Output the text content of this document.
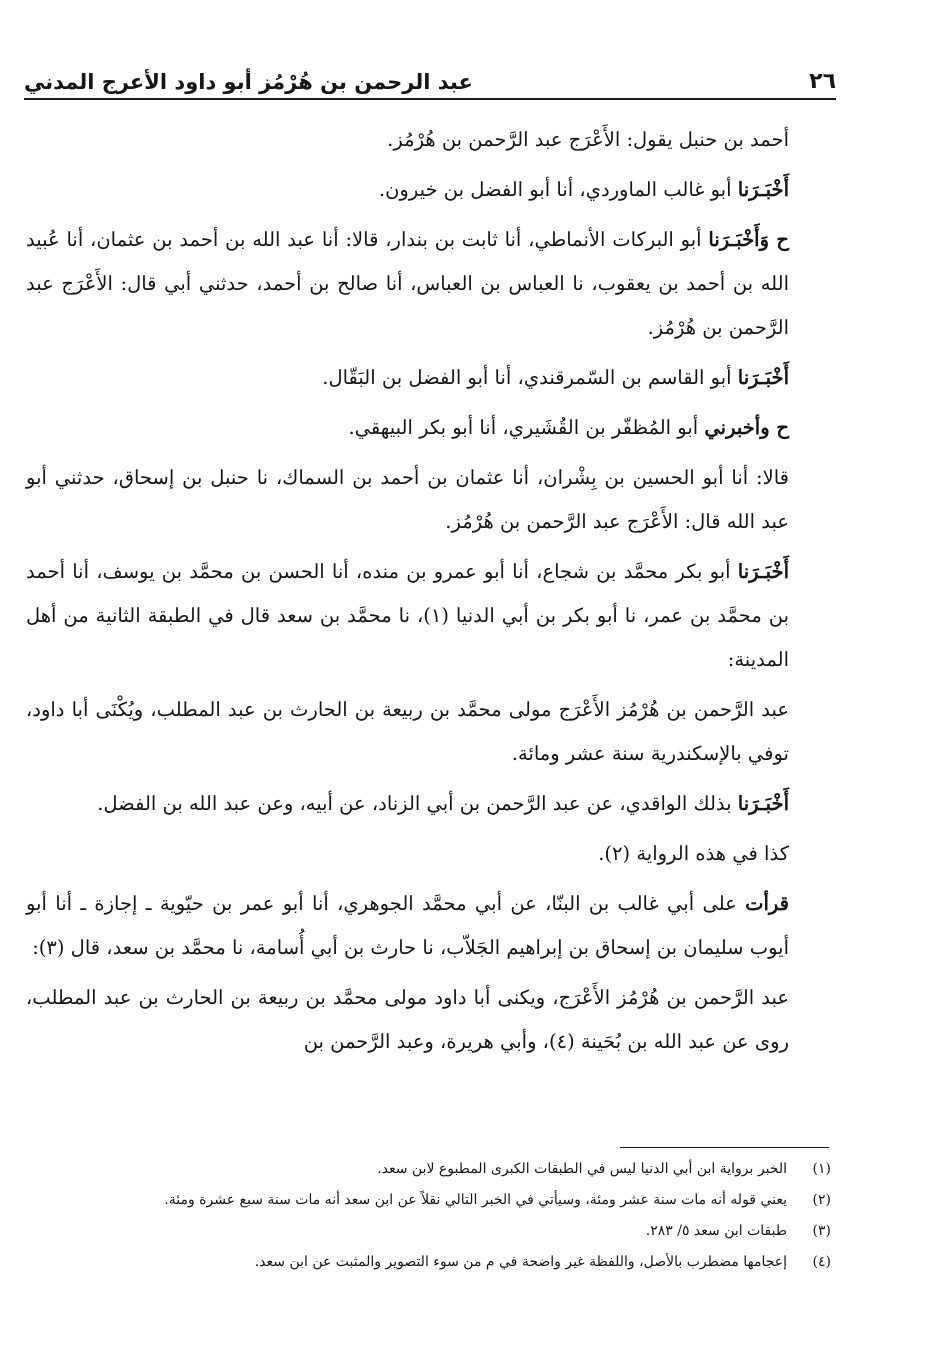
عبد الرحمن بن هُرْمُز أبو داود الأعرج المدني	٢٦

أحمد بن حنبل يقول: الأَعْرَج عبد الرَّحمن بن هُرْمُز.

أَخْبَـرَنا أبو غالب الماوردي، أنا أبو الفضل بن خيرون.

ح وَأَخْبَـرَنا أبو البركات الأنماطي، أنا ثابت بن بندار، قالا: أنا عبد الله بن أحمد بن عثمان، أنا عُبيد الله بن أحمد بن يعقوب، نا العباس بن العباس، أنا صالح بن أحمد، حدثني أبي قال: الأَعْرَج عبد الرَّحمن بن هُرْمُز.

أَخْبَـرَنا أبو القاسم بن السّمرقندي، أنا أبو الفضل بن البَقّال.

ح وأخبرني أبو المُظفّر بن القُشَيري، أنا أبو بكر البيهقي.

قالا: أنا أبو الحسين بن بِشْران، أنا عثمان بن أحمد بن السماك، نا حنبل بن إسحاق، حدثني أبو عبد الله قال: الأَعْرَج عبد الرَّحمن بن هُرْمُز.

أَخْبَـرَنا أبو بكر محمَّد بن شجاع، أنا أبو عمرو بن منده، أنا الحسن بن محمَّد بن يوسف، أنا أحمد بن محمَّد بن عمر، نا أبو بكر بن أبي الدنيا (١)، نا محمَّد بن سعد قال في الطبقة الثانية من أهل المدينة:

عبد الرَّحمن بن هُرْمُز الأَعْرَج مولى محمَّد بن ربيعة بن الحارث بن عبد المطلب، ويُكْنَى أبا داود، توفي بالإسكندرية سنة عشر ومائة.

أَخْبَـرَنا بذلك الواقدي، عن عبد الرَّحمن بن أبي الزناد، عن أبيه، وعن عبد الله بن الفضل.

كذا في هذه الرواية (٢).

قرأت على أبي غالب بن البنّا، عن أبي محمَّد الجوهري، أنا أبو عمر بن حيّوية ـ إجازة ـ أنا أبو أيوب سليمان بن إسحاق بن إبراهيم الجَلاّب، نا حارث بن أبي أُسامة، نا محمَّد بن سعد، قال (٣):

عبد الرَّحمن بن هُرْمُز الأَعْرَج، ويكنى أبا داود مولى محمَّد بن ربيعة بن الحارث بن عبد المطلب، روى عن عبد الله بن بُحَينة (٤)، وأبي هريرة، وعبد الرَّحمن بن

(١)
الخبر برواية ابن أبي الدنيا ليس في الطبقات الكبرى المطبوع لابن سعد.
(٢)
يعني قوله أنه مات سنة عشر ومئة، وسيأتي في الخبر التالي نقلاً عن ابن سعد أنه مات سنة سبع عشرة ومئة.
(٣)
طبقات ابن سعد ٥/ ٢٨٣.
(٤)
إعجامها مضطرب بالأصل، واللفظة غير واضحة في م من سوء التصوير والمثبت عن ابن سعد.
